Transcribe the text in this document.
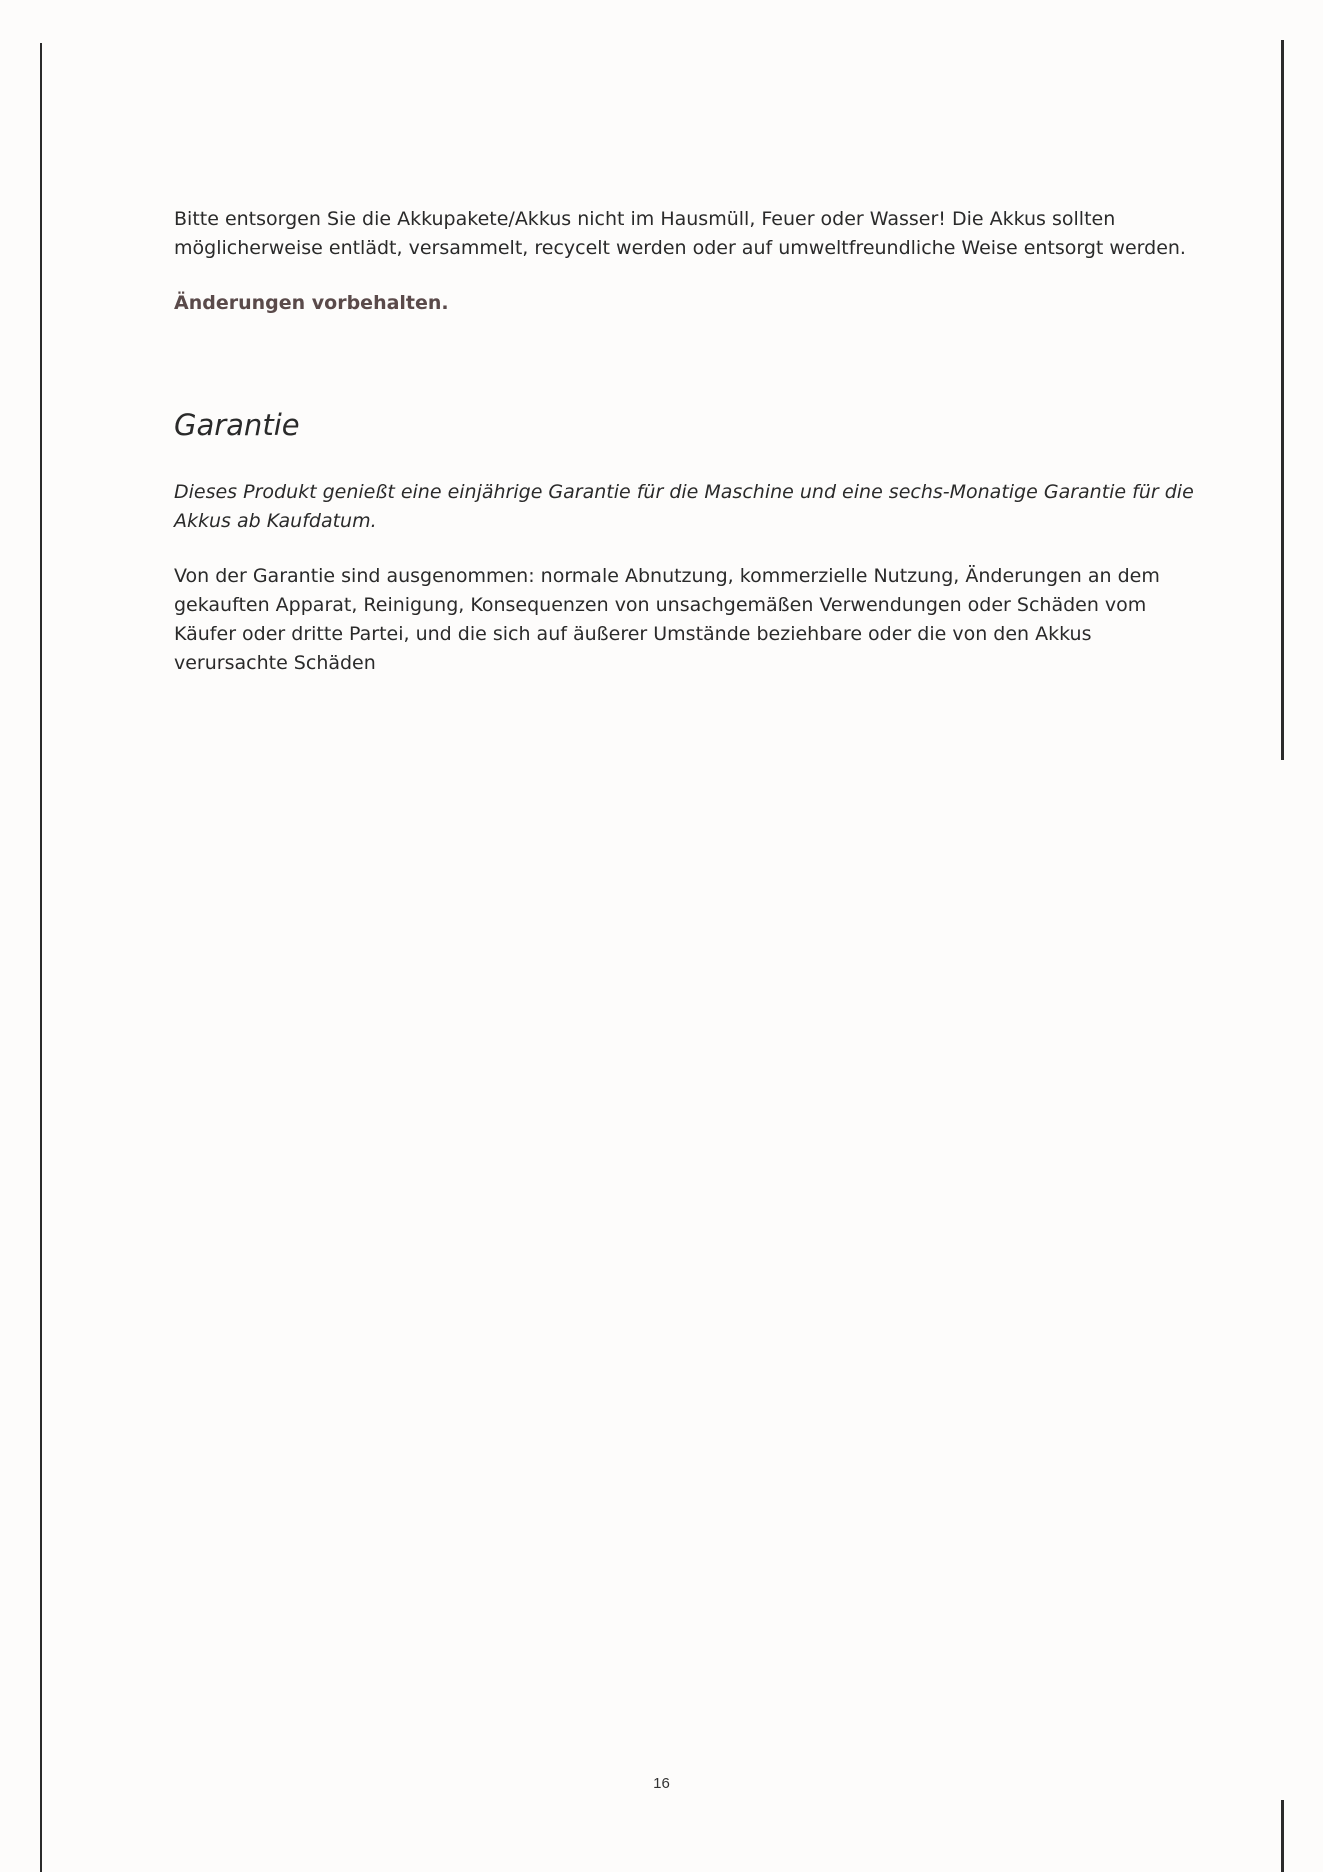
Bitte entsorgen Sie die Akkupakete/Akkus nicht im Hausmüll, Feuer oder Wasser! Die Akkus sollten möglicherweise entlädt, versammelt, recycelt werden oder auf umweltfreundliche Weise entsorgt werden.

Änderungen vorbehalten.

Garantie

Dieses Produkt genießt eine einjährige Garantie für die Maschine und eine sechs-Monatige Garantie für die Akkus ab Kaufdatum.

Von der Garantie sind ausgenommen: normale Abnutzung, kommerzielle Nutzung, Änderungen an dem gekauften Apparat, Reinigung, Konsequenzen von unsachgemäßen Verwendungen oder Schäden vom Käufer oder dritte Partei, und die sich auf äußerer Umstände beziehbare oder die von den Akkus verursachte Schäden

16
